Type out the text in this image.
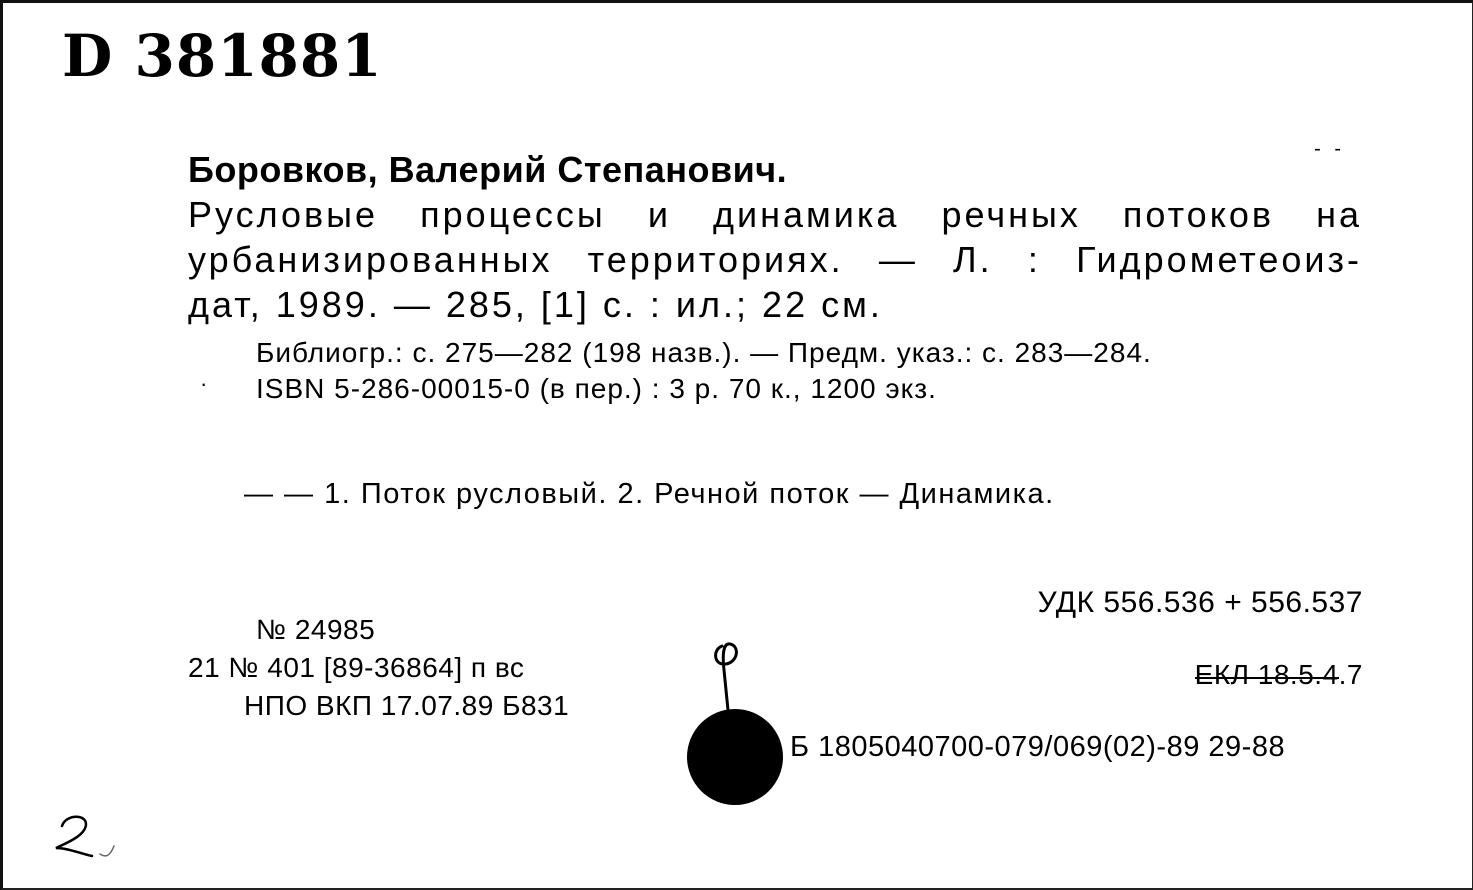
D 381881
- -
Боровков, Валерий Степанович.
Русловые процессы и динамика речных потоков на
урбанизированных территориях. — Л. : Гидрометеоиз-
дат, 1989. — 285, [1] с. : ил.; 22 см.
·
Библиогр.: с. 275—282 (198 назв.). — Предм. указ.: с. 283—284.
ISBN 5-286-00015-0 (в пер.) : 3 р. 70 к., 1200 экз.
— — 1. Поток русловый. 2. Речной поток — Динамика.
УДК 556.536 + 556.537
№ 24985
21 № 401 [89-36864] п вс
НПО ВКП 17.07.89 Б831
ЕКЛ 18.5.4.7
Б 1805040700-079/069(02)-89 29-88
